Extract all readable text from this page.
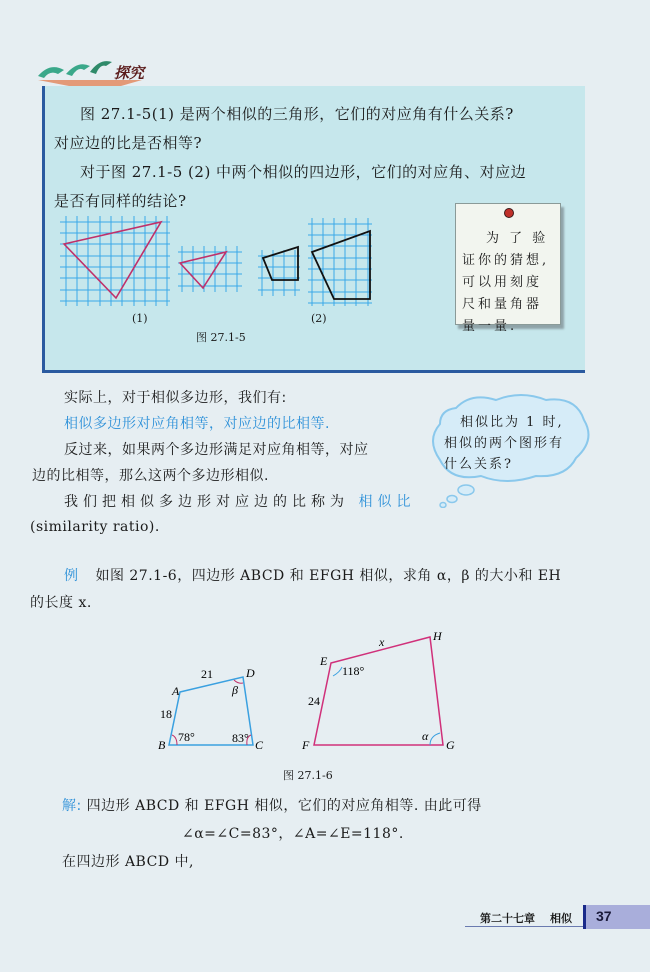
探究
图 27.1-5(1) 是两个相似的三角形，它们的对应角有什么关系?
对应边的比是否相等?
对于图 27.1-5 (2) 中两个相似的四边形，它们的对应角、对应边
是否有同样的结论?
(1)	(2)
图 27.1-5
为 了 验
证你的猜想,
可以用刻度
尺和量角器
量一量.
实际上，对于相似多边形，我们有:
相似多边形对应角相等，对应边的比相等.
反过来，如果两个多边形满足对应角相等，对应
边的比相等，那么这两个多边形相似.
我们把相似多边形对应边的比称为 相似比
(similarity ratio).
相似比为 1 时,
相似的两个图形有
什么关系?
例 如图 27.1-6，四边形 ABCD 和 EFGH 相似，求角 α，β 的大小和 EH
的长度 x.
A
B	C
D
21
18
78°	83°
β
E
F	G
H
x
24
118°
α
图 27.1-6
解: 四边形 ABCD 和 EFGH 相似，它们的对应角相等. 由此可得
∠α=∠C=83°，∠A=∠E=118°.
在四边形 ABCD 中,
第二十七章 相似 37
